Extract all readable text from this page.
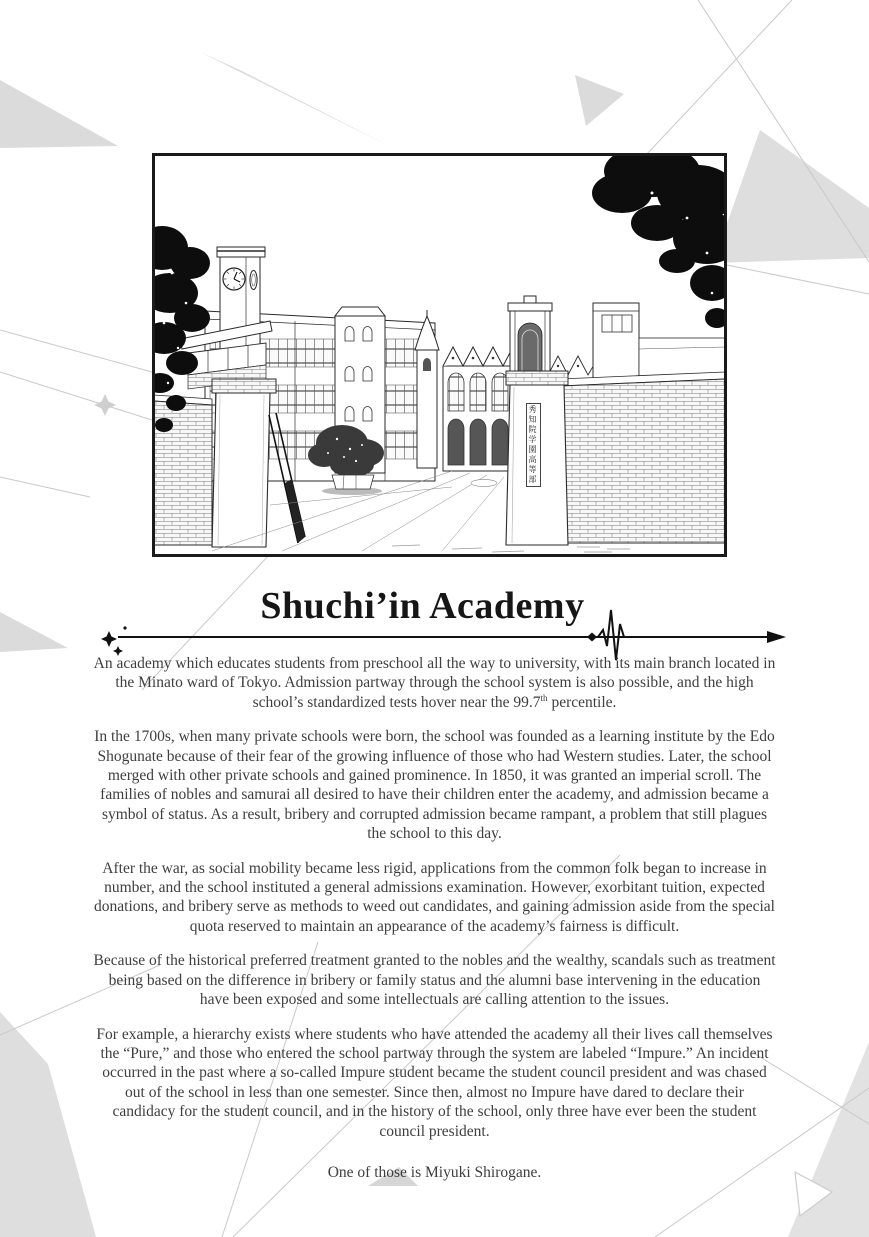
秀知院学園高等部
Shuchi’in Academy

An academy which educates students from preschool all the way to university, with its main branch located in the Minato ward of Tokyo. Admission partway through the school system is also possible, and the high school’s standardized tests hover near the 99.7th percentile.

In the 1700s, when many private schools were born, the school was founded as a learning institute by the Edo Shogunate because of their fear of the growing influence of those who had Western studies. Later, the school merged with other private schools and gained prominence. In 1850, it was granted an imperial scroll. The families of nobles and samurai all desired to have their children enter the academy, and admission became a symbol of status. As a result, bribery and corrupted admission became rampant, a problem that still plagues the school to this day.

After the war, as social mobility became less rigid, applications from the common folk began to increase in number, and the school instituted a general admissions examination. However, exorbitant tuition, expected donations, and bribery serve as methods to weed out candidates, and gaining admission aside from the special quota reserved to maintain an appearance of the academy’s fairness is difficult.

Because of the historical preferred treatment granted to the nobles and the wealthy, scandals such as treatment being based on the difference in bribery or family status and the alumni base intervening in the education have been exposed and some intellectuals are calling attention to the issues.

For example, a hierarchy exists where students who have attended the academy all their lives call themselves the “Pure,” and those who entered the school partway through the system are labeled “Impure.” An incident occurred in the past where a so-called Impure student became the student council president and was chased out of the school in less than one semester. Since then, almost no Impure have dared to declare their candidacy for the student council, and in the history of the school, only three have ever been the student council president.

One of those is Miyuki Shirogane.
